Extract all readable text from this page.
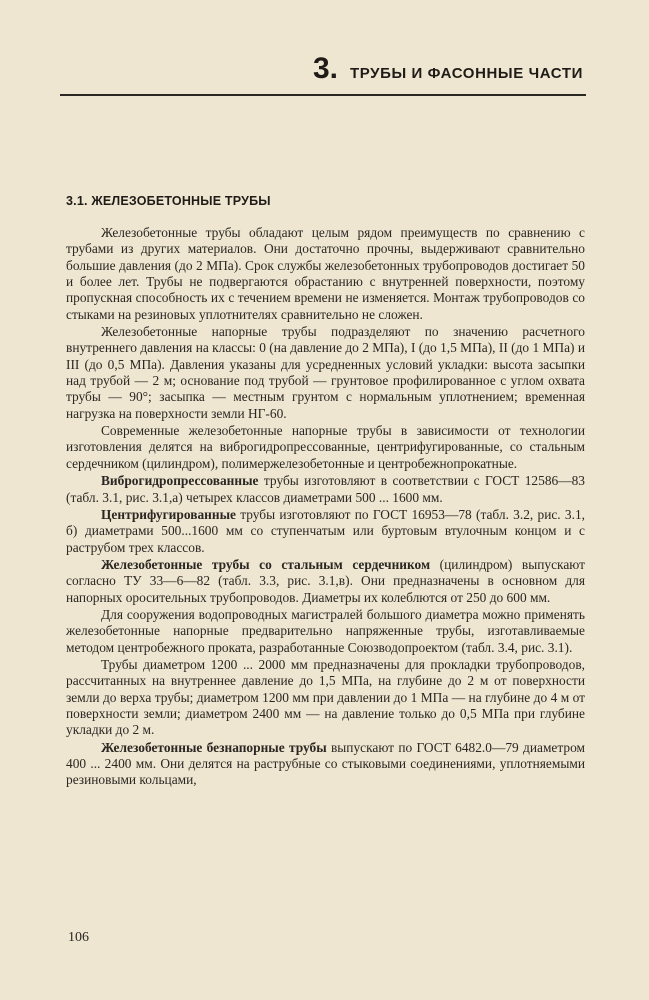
3. ТРУБЫ И ФАСОННЫЕ ЧАСТИ
3.1. ЖЕЛЕЗОБЕТОННЫЕ ТРУБЫ

Железобетонные трубы обладают целым рядом преимуществ по сравнению с трубами из других материалов. Они достаточно прочны, выдерживают сравнительно большие давления (до 2 МПа). Срок службы железобетонных трубопроводов достигает 50 и более лет. Трубы не подвергаются обрастанию с внутренней поверхности, поэтому пропускная способность их с течением времени не изменяется. Монтаж трубопроводов со стыками на резиновых уплотнителях сравнительно не сложен.

Железобетонные напорные трубы подразделяют по значению расчетного внутреннего давления на классы: 0 (на давление до 2 МПа), I (до 1,5 МПа), II (до 1 МПа) и III (до 0,5 МПа). Давления указаны для усредненных условий укладки: высота засыпки над трубой — 2 м; основание под трубой — грунтовое профилированное с углом охвата трубы — 90°; засыпка — местным грунтом с нормальным уплотнением; временная нагрузка на поверхности земли НГ-60.

Современные железобетонные напорные трубы в зависимости от технологии изготовления делятся на виброгидропрессованные, центрифугированные, со стальным сердечником (цилиндром), полимержелезобетонные и центробежнопрокатные.

Виброгидропрессованные трубы изготовляют в соответствии с ГОСТ 12586—83 (табл. 3.1, рис. 3.1,а) четырех классов диаметрами 500 ... 1600 мм.

Центрифугированные трубы изготовляют по ГОСТ 16953—78 (табл. 3.2, рис. 3.1, б) диаметрами 500...1600 мм со ступенчатым или буртовым втулочным концом и с раструбом трех классов.

Железобетонные трубы со стальным сердечником (цилиндром) выпускают согласно ТУ 33—6—82 (табл. 3.3, рис. 3.1,в). Они предназначены в основном для напорных оросительных трубопроводов. Диаметры их колеблются от 250 до 600 мм.

Для сооружения водопроводных магистралей большого диаметра можно применять железобетонные напорные предварительно напряженные трубы, изготавливаемые методом центробежного проката, разработанные Союзводопроектом (табл. 3.4, рис. 3.1).

Трубы диаметром 1200 ... 2000 мм предназначены для прокладки трубопроводов, рассчитанных на внутреннее давление до 1,5 МПа, на глубине до 2 м от поверхности земли до верха трубы; диаметром 1200 мм при давлении до 1 МПа — на глубине до 4 м от поверхности земли; диаметром 2400 мм — на давление только до 0,5 МПа при глубине укладки до 2 м.

Железобетонные безнапорные трубы выпускают по ГОСТ 6482.0—79 диаметром 400 ... 2400 мм. Они делятся на раструбные со стыковыми соединениями, уплотняемыми резиновыми кольцами,

106
